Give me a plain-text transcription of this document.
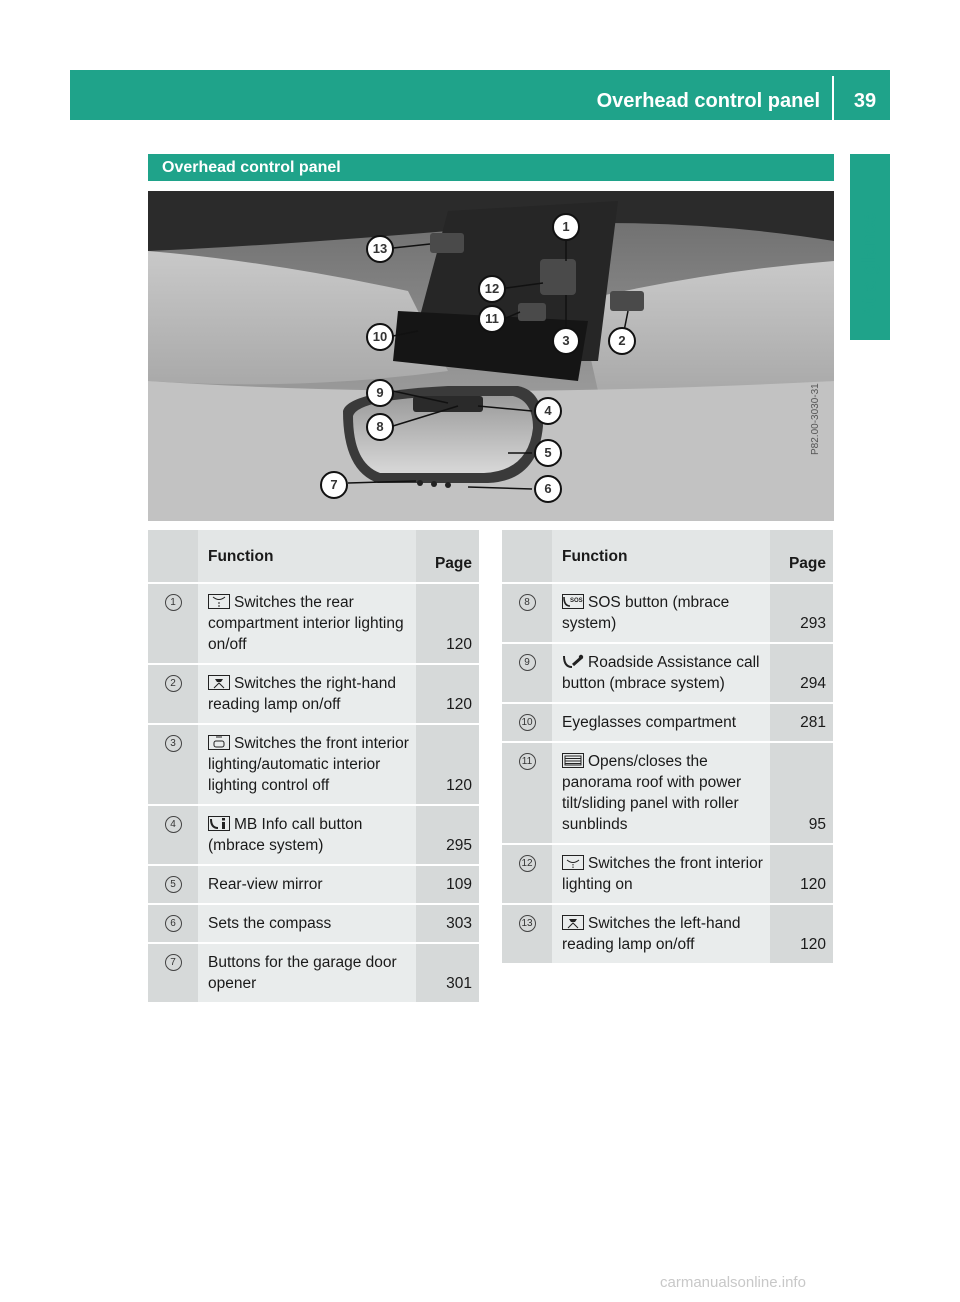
Overhead control panel	39
At a glance
Overhead control panel
1
2
3
4
5
6
7
8
9
10
11
12
13
P82.00-3030-31
	Function	Page
1	Switches the rear compartment interior lighting on/off	120
2	Switches the right-hand reading lamp on/off	120
3	Switches the front interior lighting/automatic interior lighting control off	120
4	MB Info call button (mbrace system)	295
5	Rear-view mirror	109
6	Sets the compass	303
7	Buttons for the garage door opener	301
	Function	Page
8	SOS SOS button (mbrace system)	293
9	Roadside Assistance call button (mbrace system)	294
10	Eyeglasses compartment	281
11	Opens/closes the panorama roof with power tilt/sliding panel with roller sunblinds	95
12	Switches the front interior lighting on	120
13	Switches the left-hand reading lamp on/off	120
carmanualsonline.info
